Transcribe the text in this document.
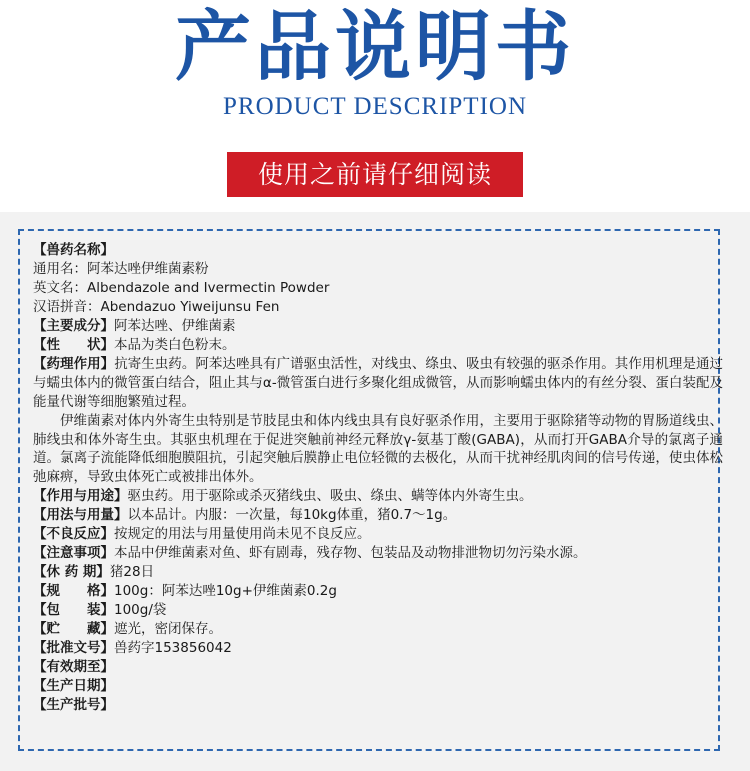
产品说明书
PRODUCT DESCRIPTION
使用之前请仔细阅读
【兽药名称】
通用名：阿苯达唑伊维菌素粉
英文名：Albendazole and Ivermectin Powder
汉语拼音：Abendazuo Yiweijunsu Fen
【主要成分】阿苯达唑、伊维菌素
【性　　状】本品为类白色粉末。
【药理作用】抗寄生虫药。阿苯达唑具有广谱驱虫活性，对线虫、绦虫、吸虫有较强的驱杀作用。其作用机理是通过与蠕虫体内的微管蛋白结合，阻止其与α-微管蛋白进行多聚化组成微管，从而影响蠕虫体内的有丝分裂、蛋白装配及能量代谢等细胞繁殖过程。
伊维菌素对体内外寄生虫特别是节肢昆虫和体内线虫具有良好驱杀作用，主要用于驱除猪等动物的胃肠道线虫、肺线虫和体外寄生虫。其驱虫机理在于促进突触前神经元释放γ-氨基丁酸(GABA)，从而打开GABA介导的氯离子通道。氯离子流能降低细胞膜阻抗，引起突触后膜静止电位轻微的去极化，从而干扰神经肌肉间的信号传递，使虫体松弛麻痹，导致虫体死亡或被排出体外。
【作用与用途】驱虫药。用于驱除或杀灭猪线虫、吸虫、绦虫、螨等体内外寄生虫。
【用法与用量】以本品计。内服：一次量，每10kg体重，猪0.7～1g。
【不良反应】按规定的用法与用量使用尚未见不良反应。
【注意事项】本品中伊维菌素对鱼、虾有剧毒，残存物、包装品及动物排泄物切勿污染水源。
【休 药 期】猪28日
【规　　格】100g：阿苯达唑10g+伊维菌素0.2g
【包　　装】100g/袋
【贮　　藏】遮光，密闭保存。
【批准文号】兽药字153856042
【有效期至】
【生产日期】
【生产批号】
